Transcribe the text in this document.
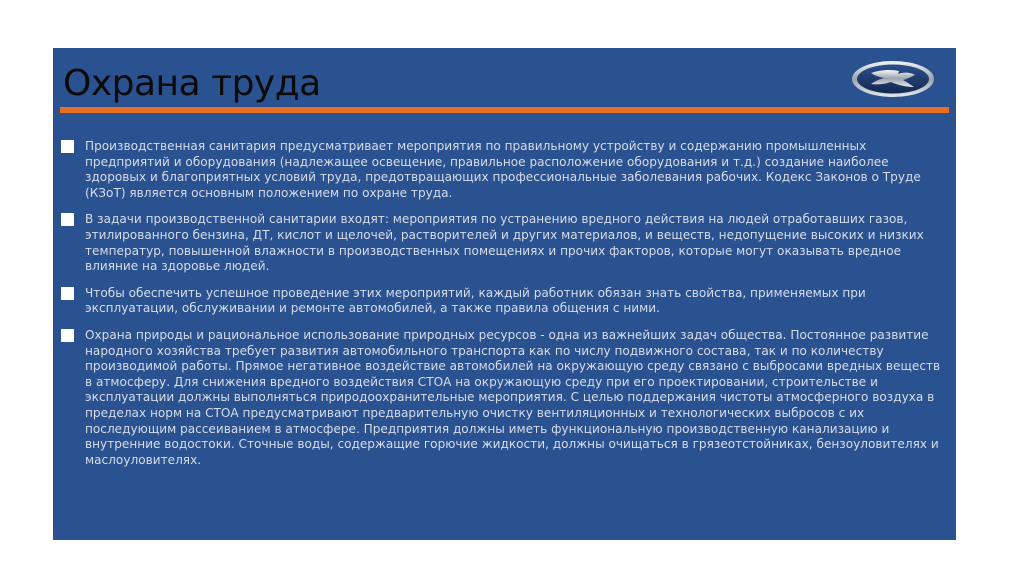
Охрана труда
Производственная санитария предусматривает мероприятия по правильному устройству и содержанию промышленных предприятий и оборудования (надлежащее освещение, правильное расположение оборудования и т.д.) создание наиболее здоровых и благоприятных условий труда, предотвращающих профессиональные заболевания рабочих. Кодекс Законов о Труде (КЗоТ) является основным положением по охране труда.
В задачи производственной санитарии входят: мероприятия по устранению вредного действия на людей отработавших газов, этилированного бензина, ДТ, кислот и щелочей, растворителей и других материалов, и веществ, недопущение высоких и низких температур, повышенной влажности в производственных помещениях и прочих факторов, которые могут оказывать вредное влияние на здоровье людей.
Чтобы обеспечить успешное проведение этих мероприятий, каждый работник обязан знать свойства, применяемых при эксплуатации, обслуживании и ремонте автомобилей, а также правила общения с ними.
Охрана природы и рациональное использование природных ресурсов - одна из важнейших задач общества. Постоянное развитие народного хозяйства требует развития автомобильного транспорта как по числу подвижного состава, так и по количеству производимой работы. Прямое негативное воздействие автомобилей на окружающую среду связано с выбросами вредных веществ в атмосферу. Для снижения вредного воздействия СТОА на окружающую среду при его проектировании, строительстве и эксплуатации должны выполняться природоохранительные мероприятия. С целью поддержания чистоты атмосферного воздуха в пределах норм на СТОА предусматривают предварительную очистку вентиляционных и технологических выбросов с их последующим рассеиванием в атмосфере. Предприятия должны иметь функциональную производственную канализацию и внутренние водостоки. Сточные воды, содержащие горючие жидкости, должны очищаться в грязеотстойниках, бензоуловителях и маслоуловителях.
